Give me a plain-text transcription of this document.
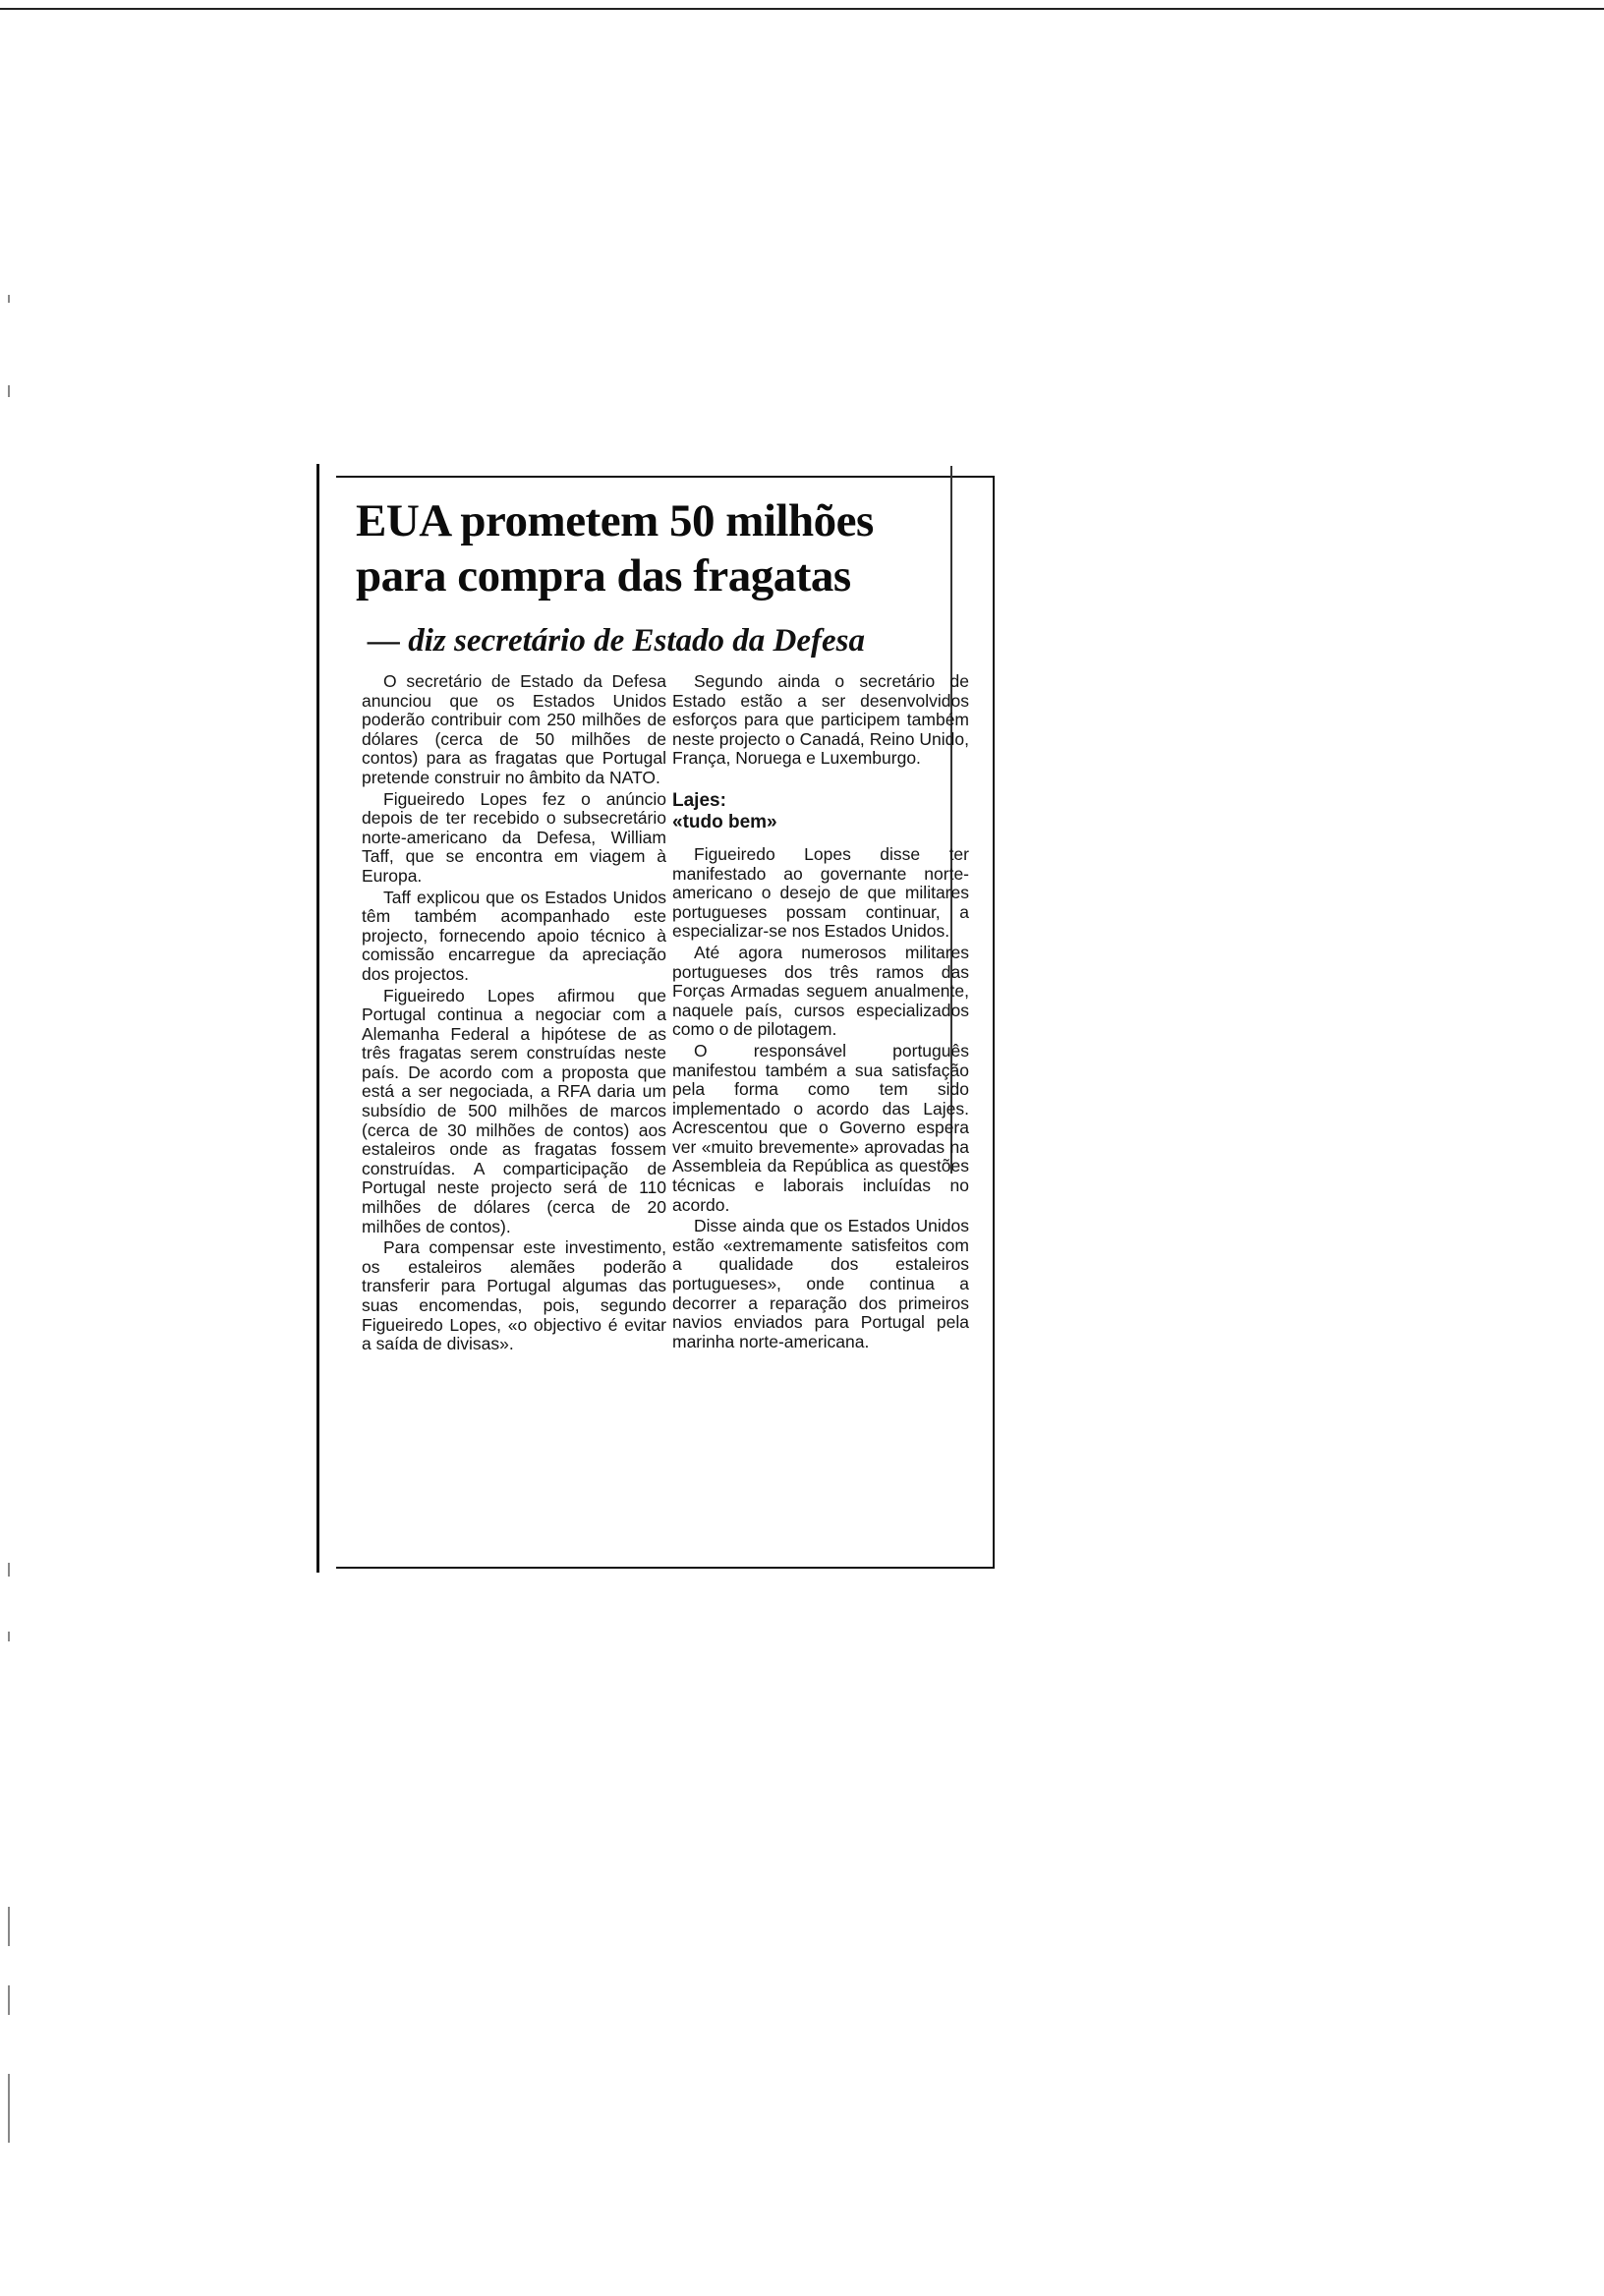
EUA prometem 50 milhões
para compra das fragatas
— diz secretário de Estado da Defesa

O secretário de Estado da Defesa anunciou que os Estados Unidos poderão contribuir com 250 milhões de dólares (cerca de 50 milhões de contos) para as fragatas que Portugal pretende construir no âmbito da NATO.

Figueiredo Lopes fez o anúncio depois de ter recebido o subsecretário norte-americano da Defesa, William Taff, que se encontra em viagem à Europa.

Taff explicou que os Estados Unidos têm também acompanhado este projecto, fornecendo apoio técnico à comissão encarregue da apreciação dos projectos.

Figueiredo Lopes afirmou que Portugal continua a negociar com a Alemanha Federal a hipótese de as três fragatas serem construídas neste país. De acordo com a proposta que está a ser negociada, a RFA daria um subsídio de 500 milhões de marcos (cerca de 30 milhões de contos) aos estaleiros onde as fragatas fossem construídas. A comparticipação de Portugal neste projecto será de 110 milhões de dólares (cerca de 20 milhões de contos).

Para compensar este investimento, os estaleiros alemães poderão transferir para Portugal algumas das suas encomendas, pois, segundo Figueiredo Lopes, «o objectivo é evitar a saída de divisas».

Segundo ainda o secretário de Estado estão a ser desenvolvidos esforços para que participem também neste projecto o Canadá, Reino Unido, França, Noruega e Luxemburgo.

Lajes:
«tudo bem»

Figueiredo Lopes disse ter manifestado ao governante norte-americano o desejo de que militares portugueses possam continuar, a especializar-se nos Estados Unidos.

Até agora numerosos militares portugueses dos três ramos das Forças Armadas seguem anualmente, naquele país, cursos especializados como o de pilotagem.

O responsável português manifestou também a sua satisfação pela forma como tem sido implementado o acordo das Lajes. Acrescentou que o Governo espera ver «muito brevemente» aprovadas na Assembleia da República as questões técnicas e laborais incluídas no acordo.

Disse ainda que os Estados Unidos estão «extremamente satisfeitos com a qualidade dos estaleiros portugueses», onde continua a decorrer a reparação dos primeiros navios enviados para Portugal pela marinha norte-americana.
